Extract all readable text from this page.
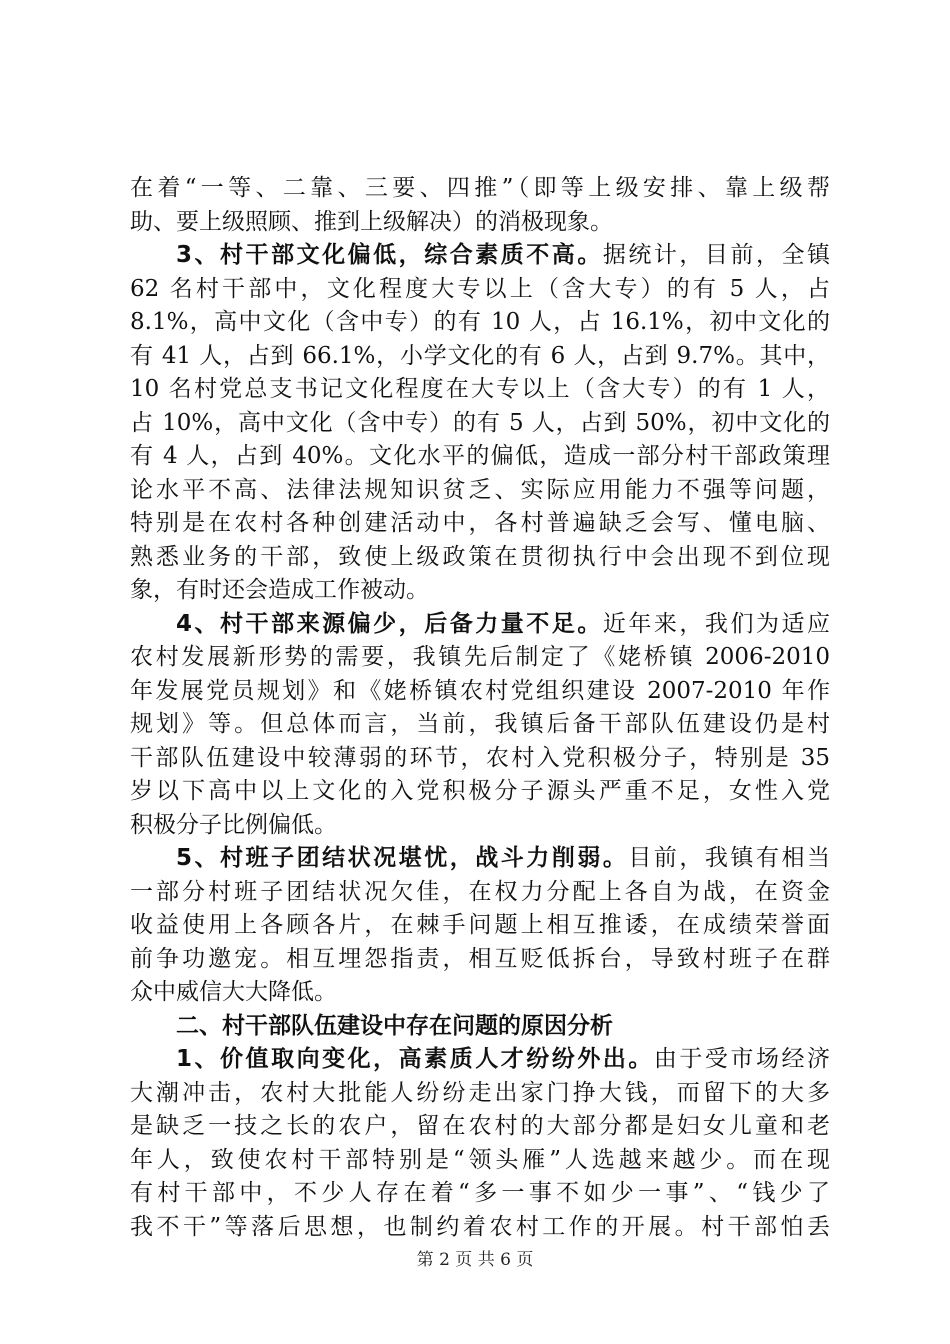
在着“一等、二靠、三要、四推”（即等上级安排、靠上级帮
助、要上级照顾、推到上级解决）的消极现象。
3、村干部文化偏低，综合素质不高。据统计，目前，全镇
62 名村干部中，文化程度大专以上（含大专）的有 5 人，占
8.1%，高中文化（含中专）的有 10 人，占 16.1%，初中文化的
有 41 人，占到 66.1%，小学文化的有 6 人，占到 9.7%。其中，
10 名村党总支书记文化程度在大专以上（含大专）的有 1 人，
占 10%，高中文化（含中专）的有 5 人，占到 50%，初中文化的
有 4 人，占到 40%。文化水平的偏低，造成一部分村干部政策理
论水平不高、法律法规知识贫乏、实际应用能力不强等问题，
特别是在农村各种创建活动中，各村普遍缺乏会写、懂电脑、
熟悉业务的干部，致使上级政策在贯彻执行中会出现不到位现
象，有时还会造成工作被动。
4、村干部来源偏少，后备力量不足。近年来，我们为适应
农村发展新形势的需要，我镇先后制定了《姥桥镇 2006-2010
年发展党员规划》和《姥桥镇农村党组织建设 2007-2010 年作
规划》等。但总体而言，当前，我镇后备干部队伍建设仍是村
干部队伍建设中较薄弱的环节，农村入党积极分子，特别是 35
岁以下高中以上文化的入党积极分子源头严重不足，女性入党
积极分子比例偏低。
5、村班子团结状况堪忧，战斗力削弱。目前，我镇有相当
一部分村班子团结状况欠佳，在权力分配上各自为战，在资金
收益使用上各顾各片，在棘手问题上相互推诿，在成绩荣誉面
前争功邀宠。相互埋怨指责，相互贬低拆台，导致村班子在群
众中威信大大降低。
二、村干部队伍建设中存在问题的原因分析
1、价值取向变化，高素质人才纷纷外出。由于受市场经济
大潮冲击，农村大批能人纷纷走出家门挣大钱，而留下的大多
是缺乏一技之长的农户，留在农村的大部分都是妇女儿童和老
年人，致使农村干部特别是“领头雁”人选越来越少。而在现
有村干部中，不少人存在着“多一事不如少一事”、“钱少了
我不干”等落后思想，也制约着农村工作的开展。村干部怕丢
第 2 页 共 6 页
